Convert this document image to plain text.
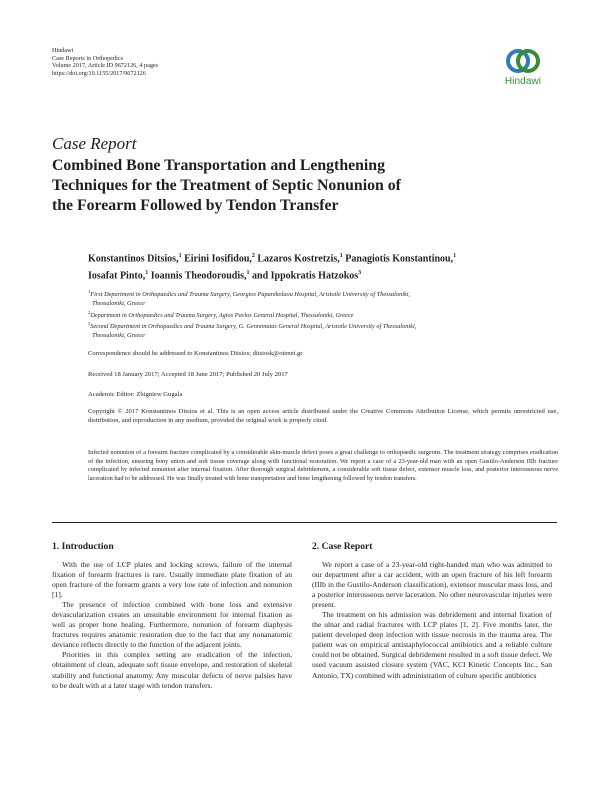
Hindawi
Case Reports in Orthopedics
Volume 2017, Article ID 9672126, 4 pages
https://doi.org/10.1155/2017/9672126
Hindawi
Case Report
Combined Bone Transportation and Lengthening
Techniques for the Treatment of Septic Nonunion of
the Forearm Followed by Tendon Transfer
Konstantinos Ditsios,$^1$ Eirini Iosifidou,$^2$ Lazaros Kostretzis,$^1$ Panagiotis Konstantinou,$^1$
Iosafat Pinto,$^1$ Ioannis Theodoroudis,$^1$ and Ippokratis Hatzokos$^3$
$^1$First Department in Orthopaedics and Trauma Surgery, Georgios Papanikolaou Hospital, Aristotle University of Thessaloniki,
Thessaloniki, Greece
$^2$Department in Orthopaedics and Trauma Surgery, Agios Pavlos General Hospital, Thessaloniki, Greece
$^3$Second Department in Orthopaedics and Trauma Surgery, G. Gennimatas General Hospital, Aristotle University of Thessaloniki,
Thessaloniki, Greece
Correspondence should be addressed to Konstantinos Ditsios; ditsiosk@otenet.gr
Received 18 January 2017; Accepted 18 June 2017; Published 20 July 2017
Academic Editor: Zbigniew Gugala
Copyright © 2017 Konstantinos Ditsios et al. This is an open access article distributed under the Creative Commons Attribution License, which permits unrestricted use, distribution, and reproduction in any medium, provided the original work is properly cited.
Infected nonunion of a forearm fracture complicated by a considerable skin-muscle defect poses a great challenge to orthopaedic surgeons. The treatment strategy comprises eradication of the infection, ensuring bony union and soft tissue coverage along with functional restoration. We report a case of a 23-year-old man with an open Gustilo-Anderson IIIb fracture complicated by infected nonunion after internal fixation. After thorough surgical debridement, a considerable soft tissue defect, extensor muscle loss, and posterior interosseous nerve laceration had to be addressed. He was finally treated with bone transportation and bone lengthening followed by tendon transfers.
1. Introduction

With the use of LCP plates and locking screws, failure of the internal fixation of forearm fractures is rare. Usually immediate plate fixation of an open fracture of the forearm grants a very low rate of infection and nonunion [1].

The presence of infection combined with bone loss and extensive devascularization creates an unsuitable environment for internal fixation as well as proper bone healing. Furthermore, nonunion of forearm diaphysis fractures requires anatomic restoration due to the fact that any nonanatomic deviance reflects directly to the function of the adjacent joints.

Priorities in this complex setting are eradication of the infection, obtainment of clean, adequate soft tissue envelope, and restoration of skeletal stability and functional anatomy. Any muscular defects of nerve palsies have to be dealt with at a later stage with tendon transfers.

2. Case Report

We report a case of a 23-year-old right-handed man who was admitted to our department after a car accident, with an open fracture of his left forearm (IIIb in the Gustilo-Anderson classification), extensor muscular mass loss, and a posterior interosseous nerve laceration. No other neurovascular injuries were present.

The treatment on his admission was debridement and internal fixation of the ulnar and radial fractures with LCP plates [1, 2]. Five months later, the patient developed deep infection with tissue necrosis in the trauma area. The patient was on empirical antistaphylococcal antibiotics and a reliable culture could not be obtained. Surgical debridement resulted in a soft tissue defect. We used vacuum assisted closure system (VAC, KCI Kinetic Concepts Inc., San Antonio, TX) combined with administration of culture specific antibiotics
